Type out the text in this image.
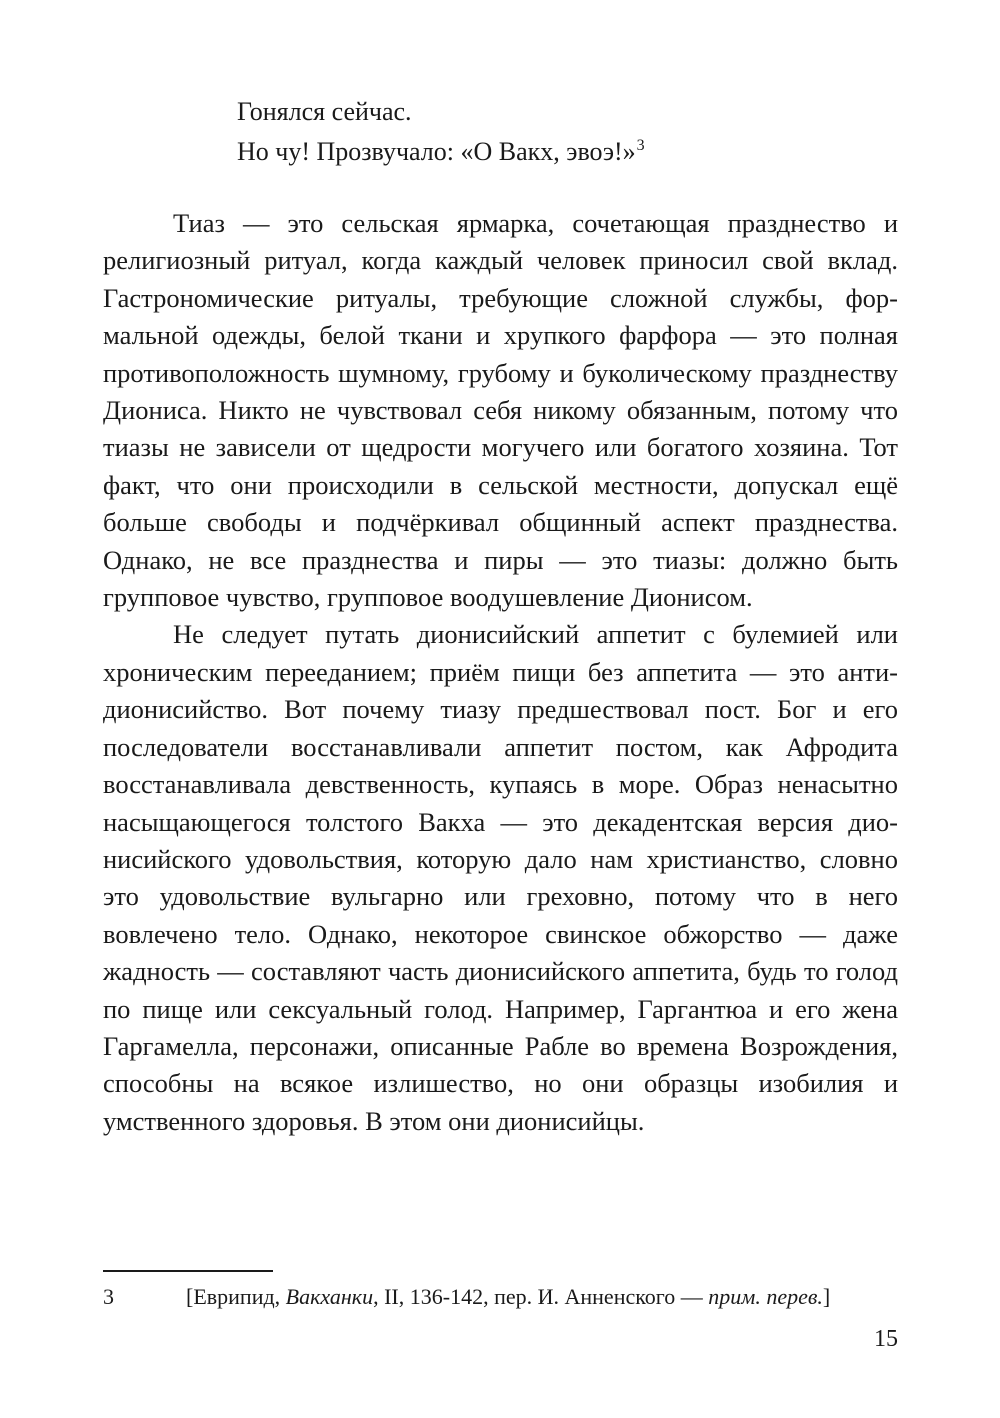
Гонялся сейчас.
Но чу! Прозвучало: «О Вакх, эвоэ!»$^3$

Тиаз — это сельская ярмарка, сочетающая празднество и религиозный ритуал, когда каждый человек приносил свой вклад. Гастрономические ритуалы, требующие сложной службы, формальной одежды, белой ткани и хрупкого фарфора — это полная противоположность шумному, грубому и буколическому празднеству Диониса. Никто не чувствовал себя никому обязанным, потому что тиазы не зависели от щедрости могучего или богатого хозяина. Тот факт, что они происходили в сельской местности, допускал ещё больше свободы и подчёркивал общинный аспект празднества. Однако, не все празднества и пиры — это тиазы: должно быть групповое чувство, групповое воодушевление Дионисом.

Не следует путать дионисийский аппетит с булемией или хроническим перееданием; приём пищи без аппетита — это анти-дионисийство. Вот почему тиазу предшествовал пост. Бог и его последователи восстанавливали аппетит постом, как Афродита восстанавливала девственность, купаясь в море. Образ ненасытно насыщающегося толстого Вакха — это декадентская версия дионисийского удовольствия, которую дало нам христианство, словно это удовольствие вульгарно или греховно, потому что в него вовлечено тело. Однако, некоторое свинское обжорство — даже жадность — составляют часть дионисийского аппетита, будь то голод по пище или сексуальный голод. Например, Гаргантюа и его жена Гаргамелла, персонажи, описанные Рабле во времена Возрождения, способны на всякое излишество, но они образцы изобилия и умственного здоровья. В этом они дионисийцы.

3	[Еврипид, Вакханки, II, 136-142, пер. И. Анненского — прим. перев.]
15
